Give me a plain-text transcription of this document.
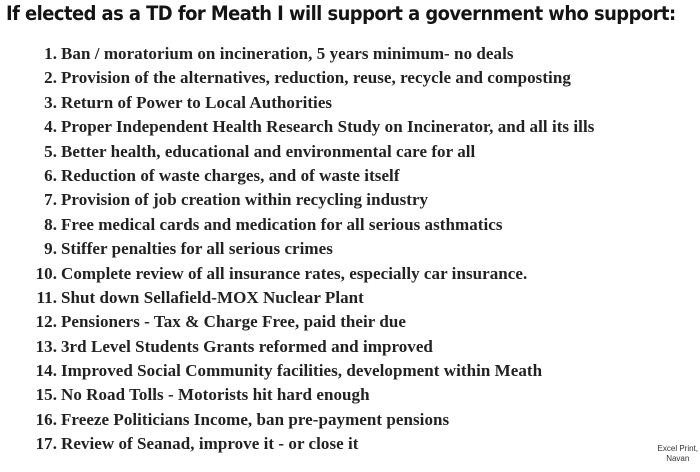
If elected as a TD for Meath I will support a government who support:
1. Ban / moratorium on incineration, 5 years minimum- no deals
2. Provision of the alternatives, reduction, reuse, recycle and composting
3. Return of Power to Local Authorities
4. Proper Independent Health Research Study on Incinerator, and all its ills
5. Better health, educational and environmental care for all
6. Reduction of waste charges, and of waste itself
7. Provision of job creation within recycling industry
8. Free medical cards and medication for all serious asthmatics
9. Stiffer penalties for all serious crimes
10. Complete review of all insurance rates, especially car insurance.
11. Shut down Sellafield-MOX Nuclear Plant
12. Pensioners - Tax & Charge Free, paid their due
13. 3rd Level Students Grants reformed and improved
14. Improved Social Community facilities, development within Meath
15. No Road Tolls - Motorists hit hard enough
16. Freeze Politicians Income, ban pre-payment pensions
17. Review of Seanad, improve it - or close it	Excel Print,
Navan
